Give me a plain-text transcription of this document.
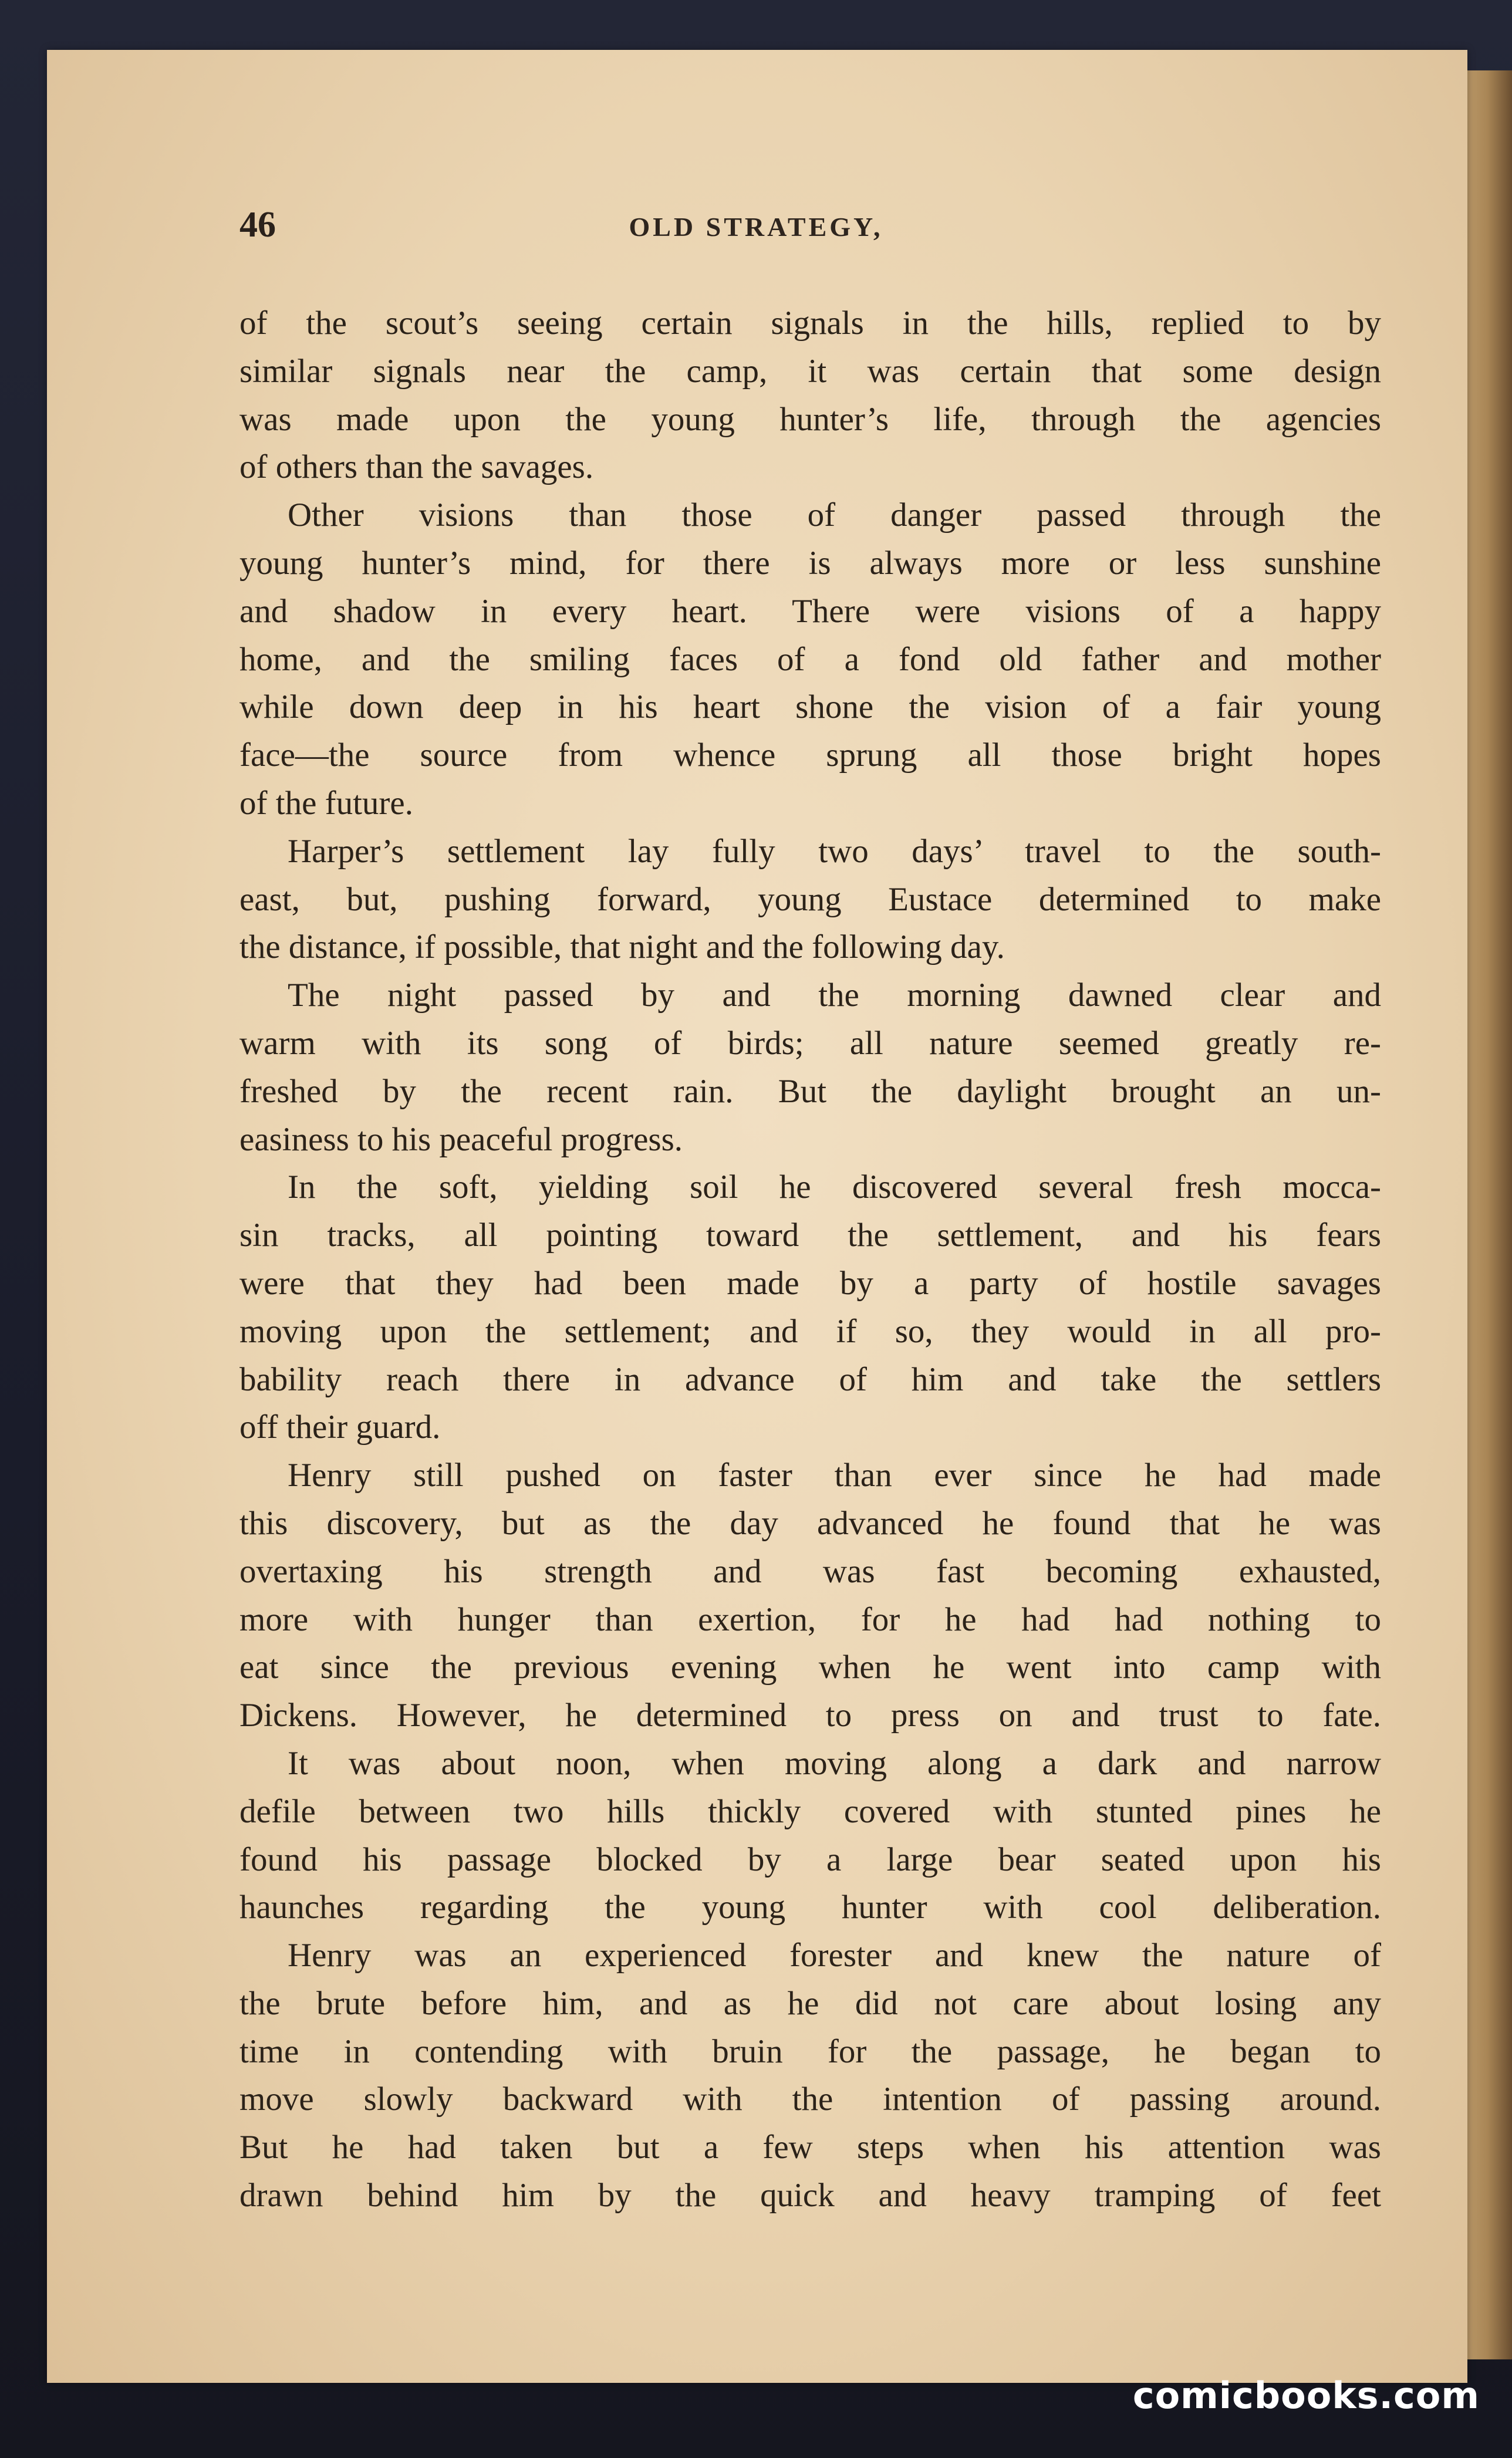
46	OLD STRATEGY,
of the scout’s seeing certain signals in the hills, replied to by
similar signals near the camp, it was certain that some design
was made upon the young hunter’s life, through the agencies
of others than the savages.
Other visions than those of danger passed through the
young hunter’s mind, for there is always more or less sunshine
and shadow in every heart. There were visions of a happy
home, and the smiling faces of a fond old father and mother
while down deep in his heart shone the vision of a fair young
face—the source from whence sprung all those bright hopes
of the future.
Harper’s settlement lay fully two days’ travel to the south-
east, but, pushing forward, young Eustace determined to make
the distance, if possible, that night and the following day.
The night passed by and the morning dawned clear and
warm with its song of birds; all nature seemed greatly re-
freshed by the recent rain. But the daylight brought an un-
easiness to his peaceful progress.
In the soft, yielding soil he discovered several fresh mocca-
sin tracks, all pointing toward the settlement, and his fears
were that they had been made by a party of hostile savages
moving upon the settlement; and if so, they would in all pro-
bability reach there in advance of him and take the settlers
off their guard.
Henry still pushed on faster than ever since he had made
this discovery, but as the day advanced he found that he was
overtaxing his strength and was fast becoming exhausted,
more with hunger than exertion, for he had had nothing to
eat since the previous evening when he went into camp with
Dickens. However, he determined to press on and trust to fate.
It was about noon, when moving along a dark and narrow
defile between two hills thickly covered with stunted pines he
found his passage blocked by a large bear seated upon his
haunches regarding the young hunter with cool deliberation.
Henry was an experienced forester and knew the nature of
the brute before him, and as he did not care about losing any
time in contending with bruin for the passage, he began to
move slowly backward with the intention of passing around.
But he had taken but a few steps when his attention was
drawn behind him by the quick and heavy tramping of feet
comicbooks.com
